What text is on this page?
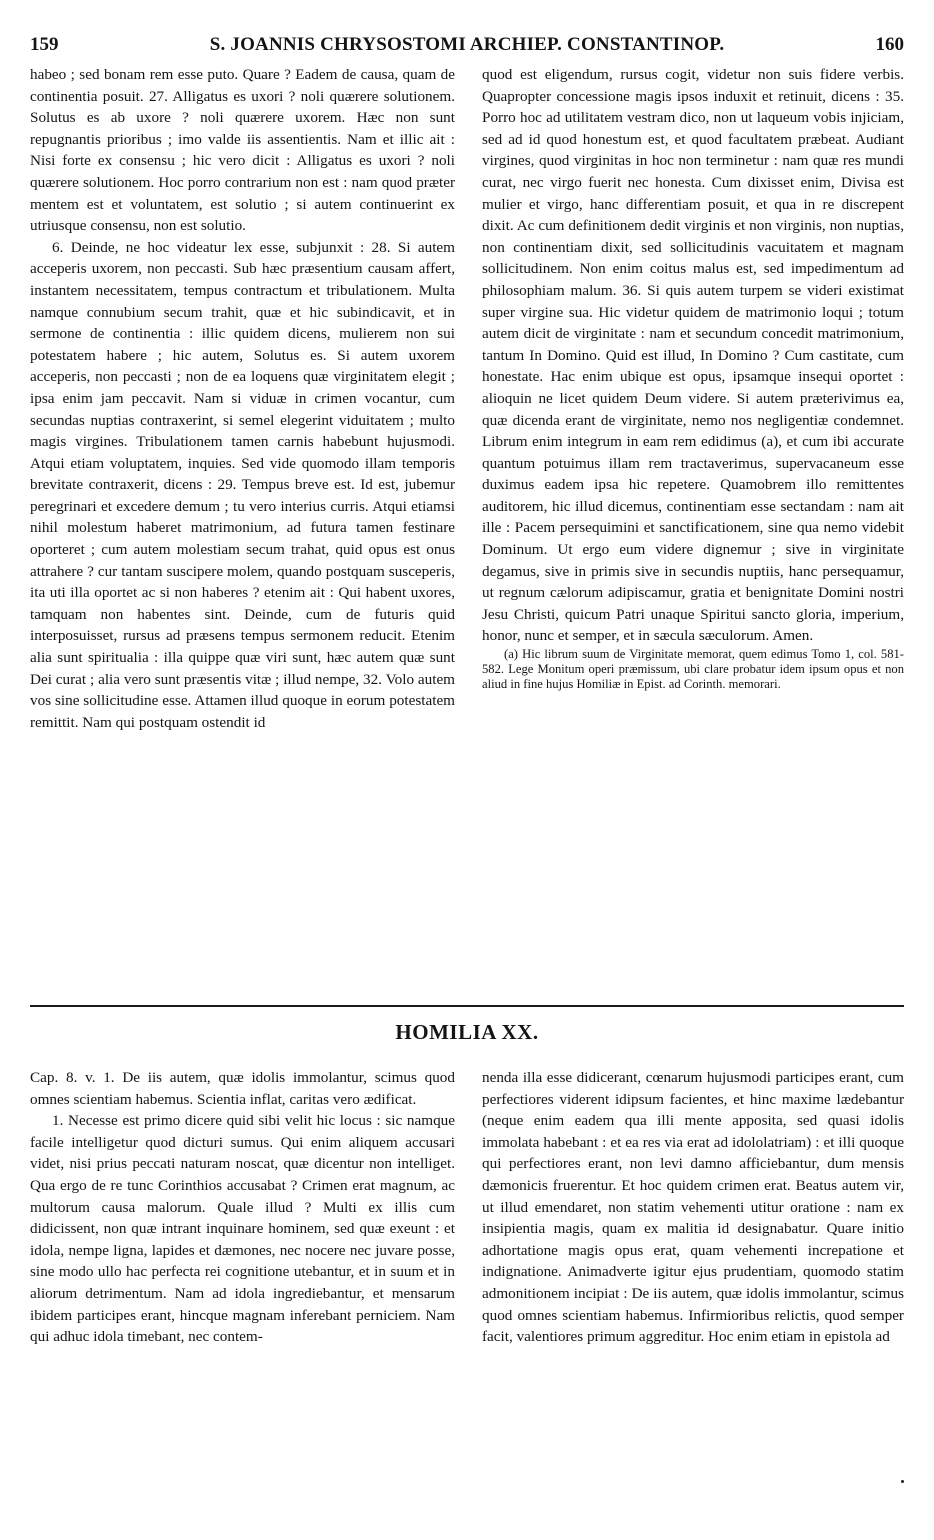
159	S. JOANNIS CHRYSOSTOMI ARCHIEP. CONSTANTINOP.	160

habeo ; sed bonam rem esse puto. Quare ? Eadem de causa, quam de continentia posuit. 27. Alligatus es uxori ? noli quærere solutionem. Solutus es ab uxore ? noli quærere uxorem. Hæc non sunt repugnantis prioribus ; imo valde iis assentientis. Nam et illic ait : Nisi forte ex consensu ; hic vero dicit : Alligatus es uxori ? noli quærere solutionem. Hoc porro contrarium non est : nam quod præter mentem est et voluntatem, est solutio ; si autem continuerint ex utriusque consensu, non est solutio.

6. Deinde, ne hoc videatur lex esse, subjunxit : 28. Si autem acceperis uxorem, non peccasti. Sub hæc præsentium causam affert, instantem necessitatem, tempus contractum et tribulationem. Multa namque connubium secum trahit, quæ et hic subindicavit, et in sermone de continentia : illic quidem dicens, mulierem non sui potestatem habere ; hic autem, Solutus es. Si autem uxorem acceperis, non peccasti ; non de ea loquens quæ virginitatem elegit ; ipsa enim jam peccavit. Nam si viduæ in crimen vocantur, cum secundas nuptias contraxerint, si semel elegerint viduitatem ; multo magis virgines. Tribulationem tamen carnis habebunt hujusmodi. Atqui etiam voluptatem, inquies. Sed vide quomodo illam temporis brevitate contraxerit, dicens : 29. Tempus breve est. Id est, jubemur peregrinari et excedere demum ; tu vero interius curris. Atqui etiamsi nihil molestum haberet matrimonium, ad futura tamen festinare oporteret ; cum autem molestiam secum trahat, quid opus est onus attrahere ? cur tantam suscipere molem, quando postquam susceperis, ita uti illa oportet ac si non haberes ? etenim ait : Qui habent uxores, tamquam non habentes sint. Deinde, cum de futuris quid interposuisset, rursus ad præsens tempus sermonem reducit. Etenim alia sunt spiritualia : illa quippe quæ viri sunt, hæc autem quæ sunt Dei curat ; alia vero sunt præsentis vitæ ; illud nempe, 32. Volo autem vos sine sollicitudine esse. Attamen illud quoque in eorum potestatem remittit. Nam qui postquam ostendit id

quod est eligendum, rursus cogit, videtur non suis fidere verbis. Quapropter concessione magis ipsos induxit et retinuit, dicens : 35. Porro hoc ad utilitatem vestram dico, non ut laqueum vobis injiciam, sed ad id quod honestum est, et quod facultatem præbeat. Audiant virgines, quod virginitas in hoc non terminetur : nam quæ res mundi curat, nec virgo fuerit nec honesta. Cum dixisset enim, Divisa est mulier et virgo, hanc differentiam posuit, et qua in re discrepent dixit. Ac cum definitionem dedit virginis et non virginis, non nuptias, non continentiam dixit, sed sollicitudinis vacuitatem et magnam sollicitudinem. Non enim coitus malus est, sed impedimentum ad philosophiam malum. 36. Si quis autem turpem se videri existimat super virgine sua. Hic videtur quidem de matrimonio loqui ; totum autem dicit de virginitate : nam et secundum concedit matrimonium, tantum In Domino. Quid est illud, In Domino ? Cum castitate, cum honestate. Hac enim ubique est opus, ipsamque insequi oportet : alioquin ne licet quidem Deum videre. Si autem præterivimus ea, quæ dicenda erant de virginitate, nemo nos negligentiæ condemnet. Librum enim integrum in eam rem edidimus (a), et cum ibi accurate quantum potuimus illam rem tractaverimus, supervacaneum esse duximus eadem ipsa hic repetere. Quamobrem illo remittentes auditorem, hic illud dicemus, continentiam esse sectandam : nam ait ille : Pacem persequimini et sanctificationem, sine qua nemo videbit Dominum. Ut ergo eum videre dignemur ; sive in virginitate degamus, sive in primis sive in secundis nuptiis, hanc persequamur, ut regnum cælorum adipiscamur, gratia et benignitate Domini nostri Jesu Christi, quicum Patri unaque Spiritui sancto gloria, imperium, honor, nunc et semper, et in sæcula sæculorum. Amen.

(a) Hic librum suum de Virginitate memorat, quem edimus Tomo 1, col. 581-582. Lege Monitum operi præmissum, ubi clare probatur idem ipsum opus et non aliud in fine hujus Homiliæ in Epist. ad Corinth. memorari.

HOMILIA XX.

Cap. 8. v. 1. De iis autem, quæ idolis immolantur, scimus quod omnes scientiam habemus. Scientia inflat, caritas vero ædificat.

1. Necesse est primo dicere quid sibi velit hic locus : sic namque facile intelligetur quod dicturi sumus. Qui enim aliquem accusari videt, nisi prius peccati naturam noscat, quæ dicentur non intelliget. Qua ergo de re tunc Corinthios accusabat ? Crimen erat magnum, ac multorum causa malorum. Quale illud ? Multi ex illis cum didicissent, non quæ intrant inquinare hominem, sed quæ exeunt : et idola, nempe ligna, lapides et dæmones, nec nocere nec juvare posse, sine modo ullo hac perfecta rei cognitione utebantur, et in suum et in aliorum detrimentum. Nam ad idola ingrediebantur, et mensarum ibidem participes erant, hincque magnam inferebant perniciem. Nam qui adhuc idola timebant, nec contem-

nenda illa esse didicerant, cœnarum hujusmodi participes erant, cum perfectiores viderent idipsum facientes, et hinc maxime lædebantur (neque enim eadem qua illi mente apposita, sed quasi idolis immolata habebant : et ea res via erat ad idololatriam) : et illi quoque qui perfectiores erant, non levi damno afficiebantur, dum mensis dæmonicis fruerentur. Et hoc quidem crimen erat. Beatus autem vir, ut illud emendaret, non statim vehementi utitur oratione : nam ex insipientia magis, quam ex malitia id designabatur. Quare initio adhortatione magis opus erat, quam vehementi increpatione et indignatione. Animadverte igitur ejus prudentiam, quomodo statim admonitionem incipiat : De iis autem, quæ idolis immolantur, scimus quod omnes scientiam habemus. Infirmioribus relictis, quod semper facit, valentiores primum aggreditur. Hoc enim etiam in epistola ad
